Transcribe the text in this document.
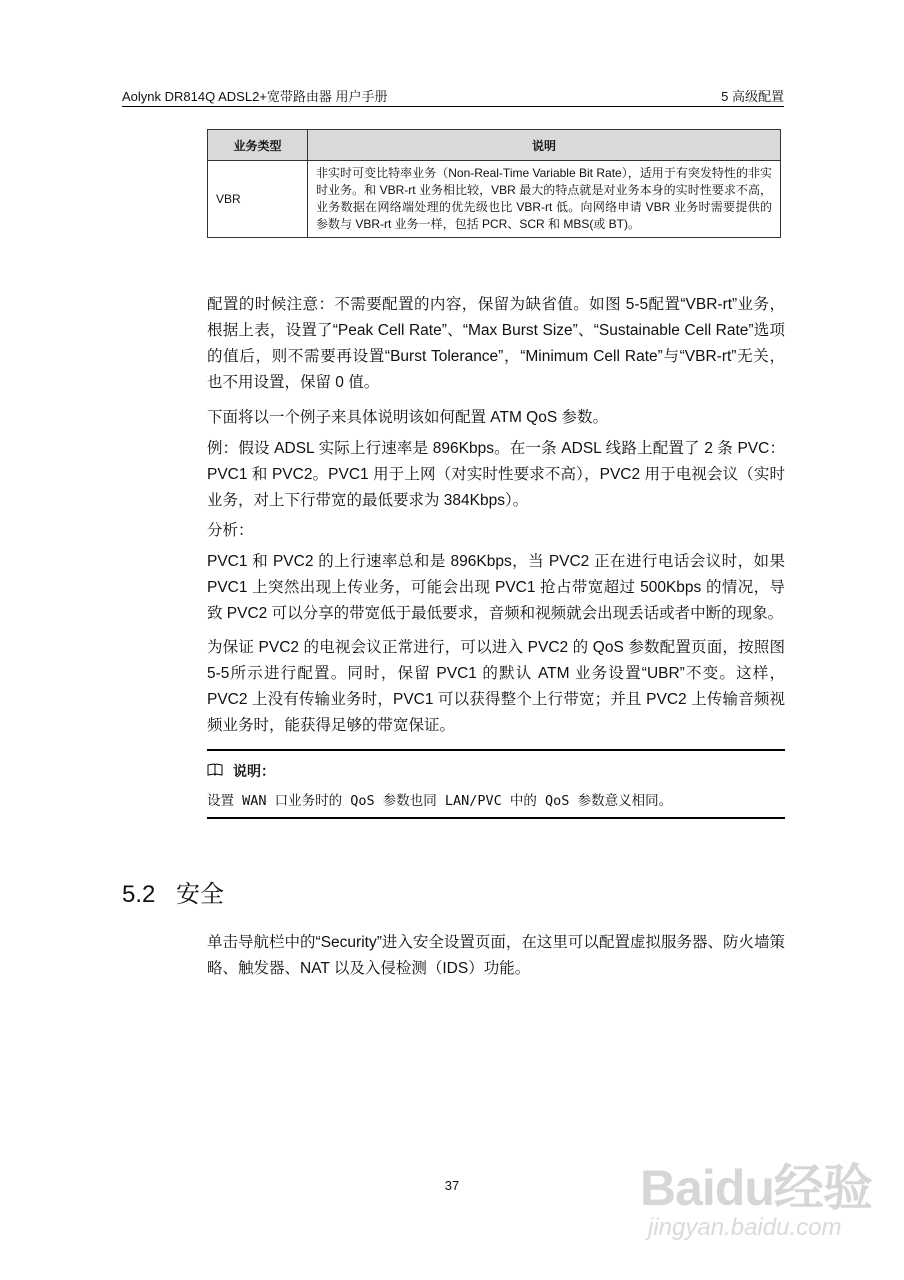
Aolynk DR814Q ADSL2+宽带路由器 用户手册	5 高级配置
业务类型	说明
VBR	非实时可变比特率业务（Non-Real-Time Variable Bit Rate），适用于有突发特性的非实时业务。和 VBR-rt 业务相比较，VBR 最大的特点就是对业务本身的实时性要求不高，业务数据在网络端处理的优先级也比 VBR-rt 低。向网络申请 VBR 业务时需要提供的参数与 VBR-rt 业务一样，包括 PCR、SCR 和 MBS(或 BT)。
配置的时候注意：不需要配置的内容，保留为缺省值。如图 5-5配置“VBR-rt”业务，根据上表，设置了“Peak Cell Rate”、“Max Burst Size”、“Sustainable Cell Rate”选项的值后，则不需要再设置“Burst Tolerance”，“Minimum Cell Rate”与“VBR-rt”无关，也不用设置，保留 0 值。
下面将以一个例子来具体说明该如何配置 ATM QoS 参数。
例：假设 ADSL 实际上行速率是 896Kbps。在一条 ADSL 线路上配置了 2 条 PVC：PVC1 和 PVC2。PVC1 用于上网（对实时性要求不高），PVC2 用于电视会议（实时业务，对上下行带宽的最低要求为 384Kbps）。
分析：
PVC1 和 PVC2 的上行速率总和是 896Kbps，当 PVC2 正在进行电话会议时，如果 PVC1 上突然出现上传业务，可能会出现 PVC1 抢占带宽超过 500Kbps 的情况，导致 PVC2 可以分享的带宽低于最低要求，音频和视频就会出现丢话或者中断的现象。
为保证 PVC2 的电视会议正常进行，可以进入 PVC2 的 QoS 参数配置页面，按照图 5-5所示进行配置。同时，保留 PVC1 的默认 ATM 业务设置“UBR”不变。这样，PVC2 上没有传输业务时，PVC1 可以获得整个上行带宽；并且 PVC2 上传输音频视频业务时，能获得足够的带宽保证。
说明：
设置 WAN 口业务时的 QoS 参数也同 LAN/PVC 中的 QoS 参数意义相同。
5.2 安全
单击导航栏中的“Security”进入安全设置页面，在这里可以配置虚拟服务器、防火墙策略、触发器、NAT 以及入侵检测（IDS）功能。
37	Baidu经验
jingyan.baidu.com
